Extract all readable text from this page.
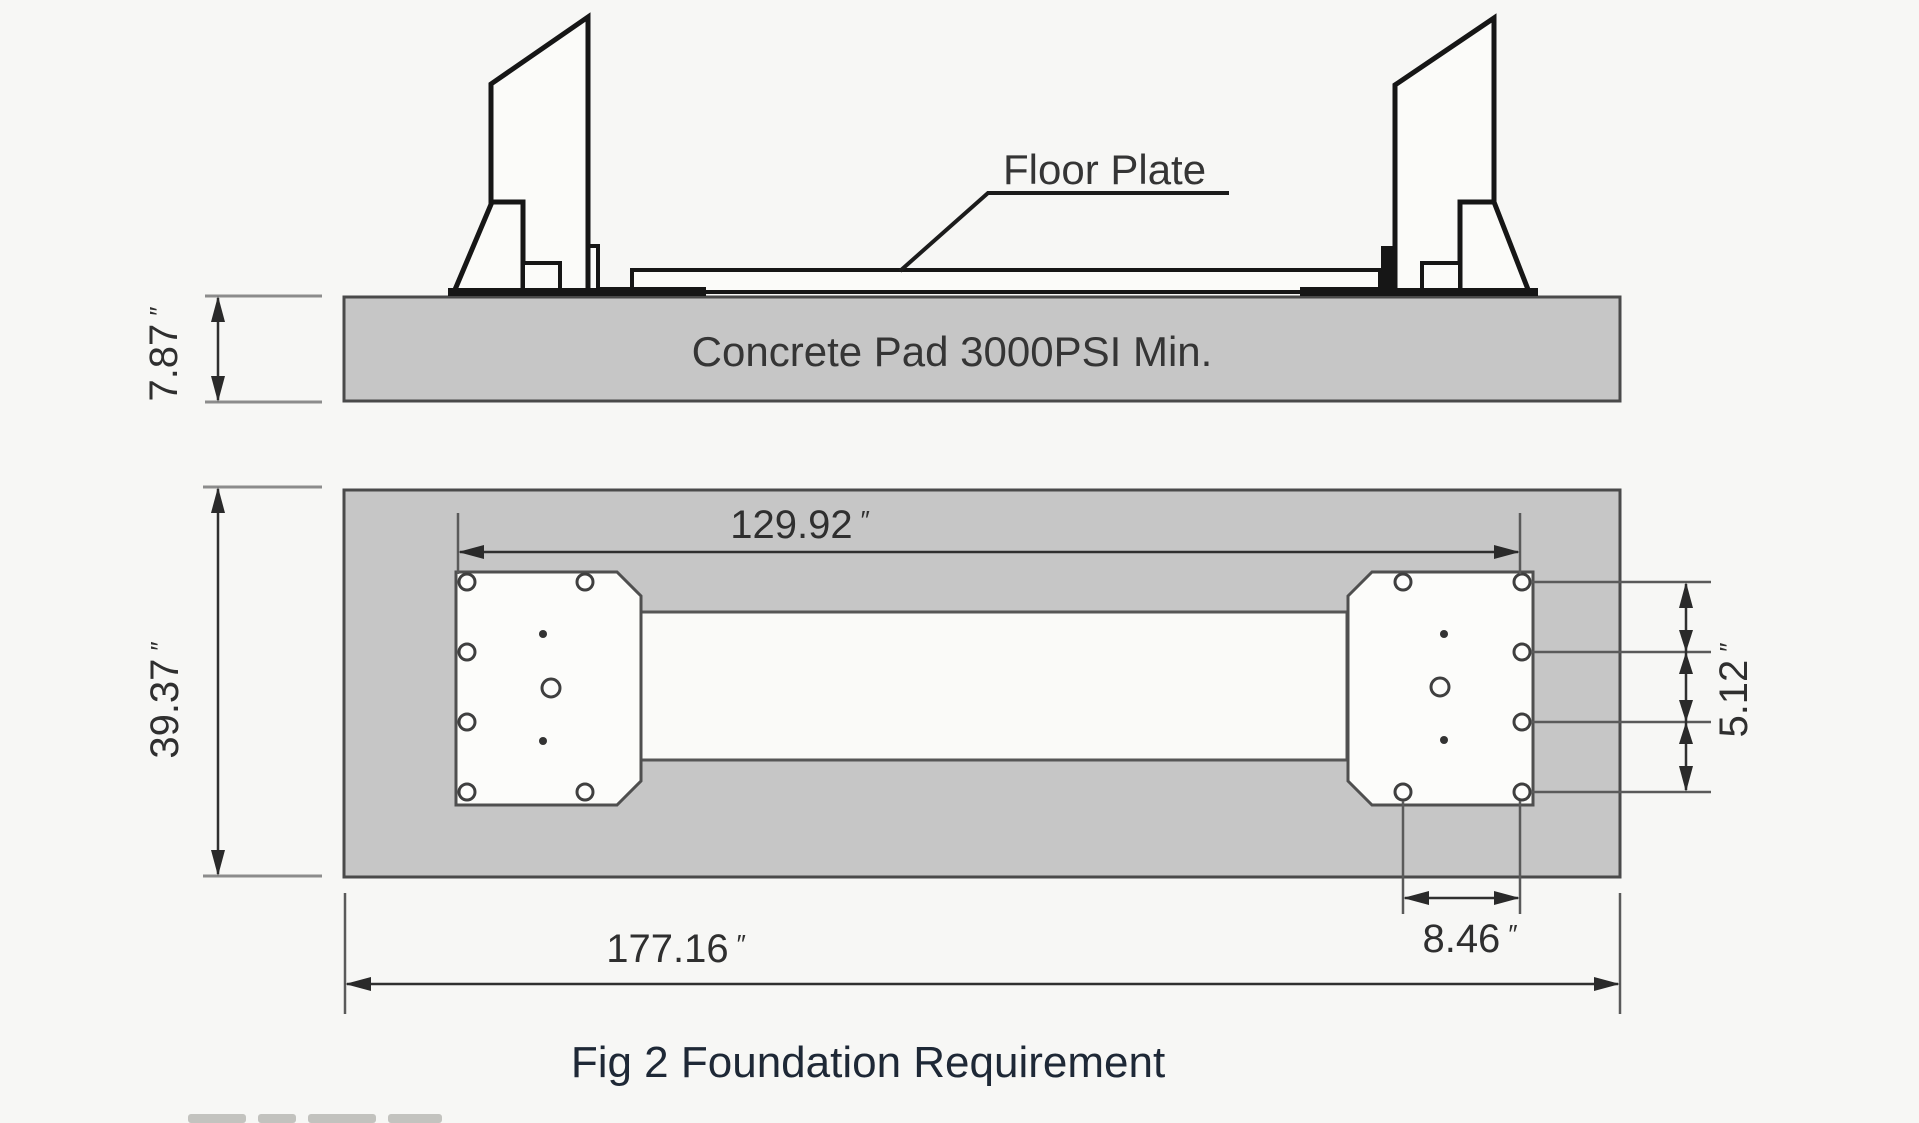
Concrete Pad 3000PSI Min.
Floor Plate
7.87″
129.92 ″
39.37″
5.12″
8.46 ″
177.16 ″
Fig 2 Foundation Requirement
